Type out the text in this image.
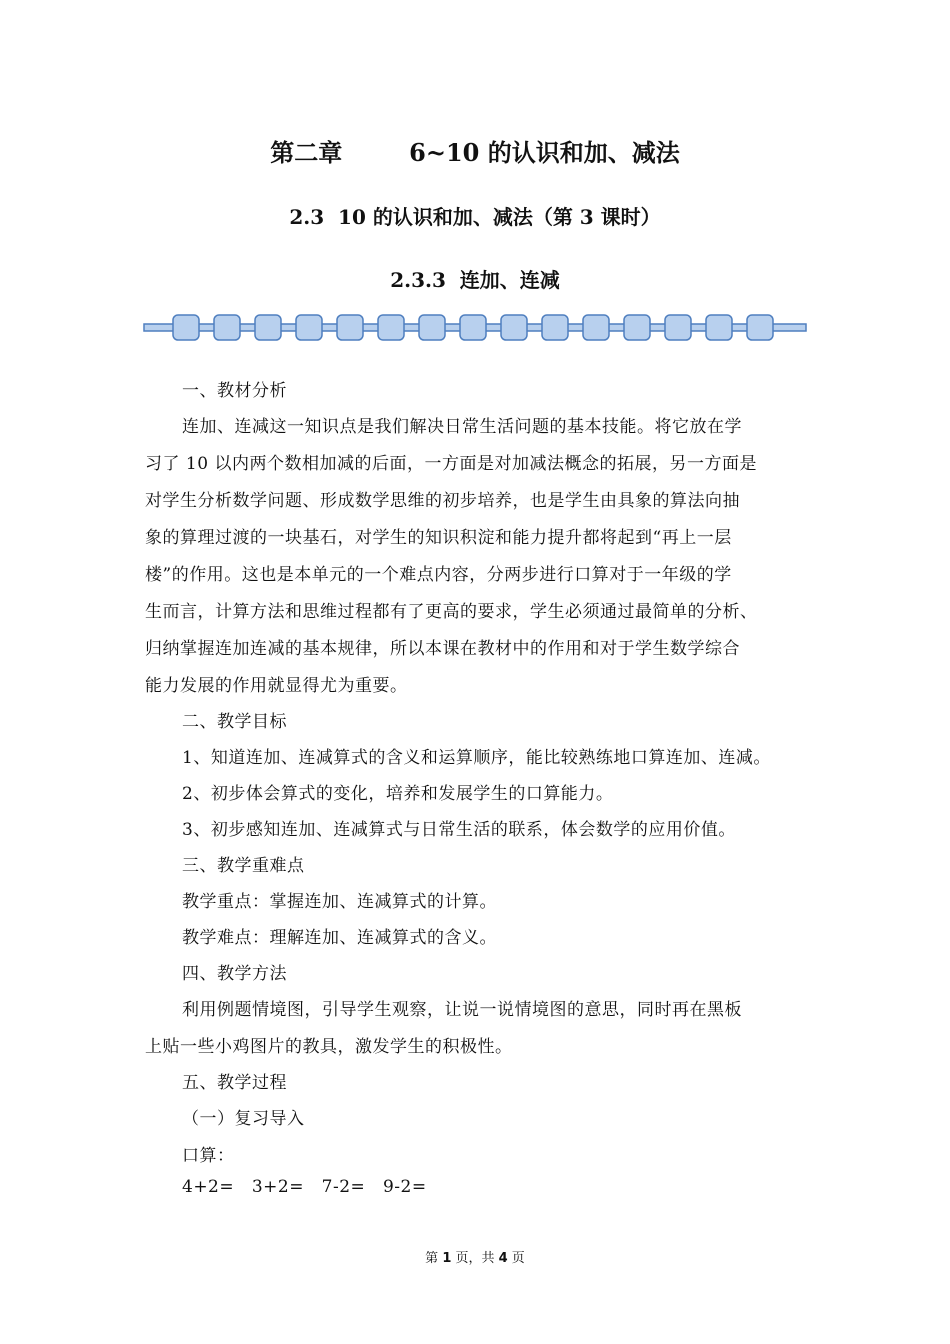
第二章        6~10 的认识和加、减法
2.3  10 的认识和加、减法（第 3 课时）
2.3.3  连加、连减
一、教材分析
连加、连减这一知识点是我们解决日常生活问题的基本技能。将它放在学
习了 10 以内两个数相加减的后面，一方面是对加减法概念的拓展，另一方面是
对学生分析数学问题、形成数学思维的初步培养，也是学生由具象的算法向抽
象的算理过渡的一块基石，对学生的知识积淀和能力提升都将起到“再上一层
楼”的作用。这也是本单元的一个难点内容，分两步进行口算对于一年级的学
生而言，计算方法和思维过程都有了更高的要求，学生必须通过最简单的分析、
归纳掌握连加连减的基本规律，所以本课在教材中的作用和对于学生数学综合
能力发展的作用就显得尤为重要。
二、教学目标
1、知道连加、连减算式的含义和运算顺序，能比较熟练地口算连加、连减。
2、初步体会算式的变化，培养和发展学生的口算能力。
3、初步感知连加、连减算式与日常生活的联系，体会数学的应用价值。
三、教学重难点
教学重点：掌握连加、连减算式的计算。
教学难点：理解连加、连减算式的含义。
四、教学方法
利用例题情境图，引导学生观察，让说一说情境图的意思，同时再在黑板
上贴一些小鸡图片的教具，激发学生的积极性。
五、教学过程
（一）复习导入
口算：
4+2=   3+2=   7-2=   9-2=
第 1 页，共 4 页
